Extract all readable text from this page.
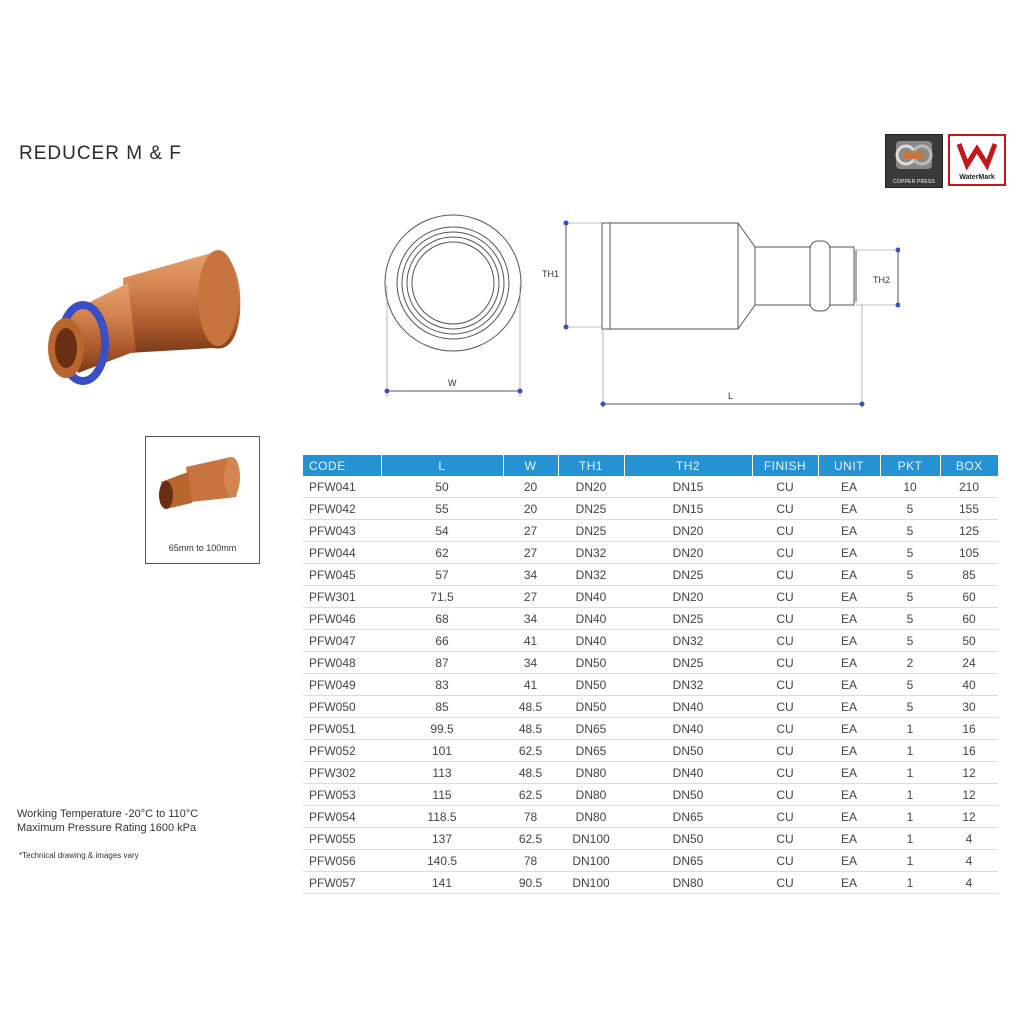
REDUCER M & F
COPPER PRESS
WaterMark
65mm to 100mm
W
TH1
TH2
L
CODE	L	W	TH1	TH2	FINISH	UNIT	PKT	BOX
PFW041	50	20	DN20	DN15	CU	EA	10	210
PFW042	55	20	DN25	DN15	CU	EA	5	155
PFW043	54	27	DN25	DN20	CU	EA	5	125
PFW044	62	27	DN32	DN20	CU	EA	5	105
PFW045	57	34	DN32	DN25	CU	EA	5	85
PFW301	71.5	27	DN40	DN20	CU	EA	5	60
PFW046	68	34	DN40	DN25	CU	EA	5	60
PFW047	66	41	DN40	DN32	CU	EA	5	50
PFW048	87	34	DN50	DN25	CU	EA	2	24
PFW049	83	41	DN50	DN32	CU	EA	5	40
PFW050	85	48.5	DN50	DN40	CU	EA	5	30
PFW051	99.5	48.5	DN65	DN40	CU	EA	1	16
PFW052	101	62.5	DN65	DN50	CU	EA	1	16
PFW302	113	48.5	DN80	DN40	CU	EA	1	12
PFW053	115	62.5	DN80	DN50	CU	EA	1	12
PFW054	118.5	78	DN80	DN65	CU	EA	1	12
PFW055	137	62.5	DN100	DN50	CU	EA	1	4
PFW056	140.5	78	DN100	DN65	CU	EA	1	4
PFW057	141	90.5	DN100	DN80	CU	EA	1	4
Working Temperature -20°C to 110°C
Maximum Pressure Rating 1600 kPa
*Technical drawing & images vary
